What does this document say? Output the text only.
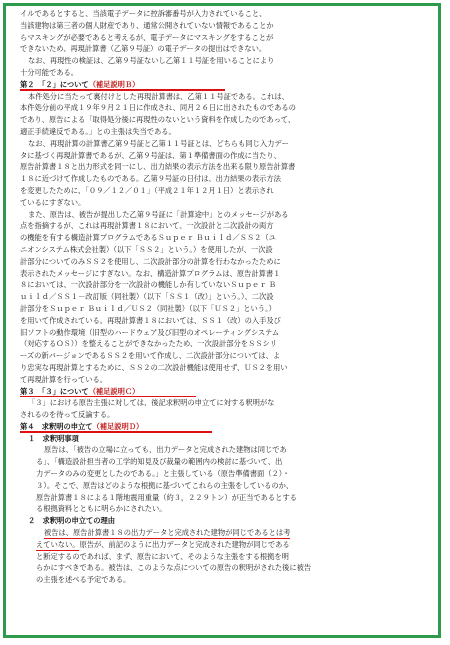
イルであるとすると、当該電子データに控訴審番号が入力されていること、
当該建物は第三者の個人財産であり、通常公開されていない情報であることか
らマスキングが必要であると考えるが、電子データにマスキングをすることが
できないため、再現計算書（乙第９号証）の電子データの提出はできない。
なお、再現性の検証は、乙第９号証ないし乙第１１号証を用いることにより
十分可能である。
第２　「２」について（補足説明Ｂ）
本件処分に当たって裏付けとした再現計算書は、乙第１１号証である。これは、
本件処分前の平成１９年９月２１日に作成され、同月２６日に出されたものであるの
であり、原告による「取得処分後に再現性のないという資料を作成したのであって、
適正手続違反である。」との主張は失当である。
なお、再現計算の計算書乙第９号証と乙第１１号証とは、どちらも同じ入力デー
タに基づく再現計算書であるが、乙第９号証は、第１準備書面の作成に当たり、
原告計算書１８と出力形式を同一にし、出力結果の表示方法を出来る限り原告計算書
１８に近づけて作成したものである。乙第９号証の日付は、出力結果の表示方法
を変更したために、「０９／１２／０１」（平成２１年１２月１日）と表示され
ているにすぎない。
また、原告は、被告が提出した乙第９号証に「計算途中」とのメッセージがある
点を指摘するが、これは再現計算書１８において、一次設計と二次設計の両方
の機能を有する構造計算プログラムであるＳｕｐｅｒ Ｂｕｉｌｄ／ＳＳ２（ユ
ニオンシステム株式会社製）（以下「ＳＳ２」という。）を使用したが、一次設
計部分についてのみＳＳ２を使用し、二次設計部分の計算を行わなかったために
表示されたメッセージにすぎない。なお、構造計算プログラムは、原告計算書１
８においては、一次設計部分を一次設計の機能しか有していないＳｕｐｅｒ Ｂ
ｕｉｌｄ／ＳＳ１－改訂版（同社製）（以下「ＳＳ１（改）」という。）、二次設
計部分をＳｕｐｅｒ Ｂｕｉｌｄ／ＵＳ２（同社製）（以下「ＵＳ２」という。）
を用いて作成されている。再現計算書１８においては、ＳＳ１（改）の入手及び
旧ソフトの動作環境（旧型のハードウェア及び旧型のオペレーティングシステム
（対応するＯＳ））を整えることができなかったため、一次設計部分をＳＳシリ
ーズの新バージョンであるＳＳ２を用いて作成し、二次設計部分については、よ
り忠実な再現計算とするために、ＳＳ２の二次設計機能は使用せず、ＵＳ２を用い
て再現計算を行っている。
第３　「３」について（補足説明Ｃ）
「３」における原告主張に対しては、後記求釈明の申立てに対する釈明がな
されるのを待って反論する。
第４　求釈明の申立て（補足説明Ｄ）
１　求釈明事項
原告は、「被告の立場に立っても、出力データと完成された建物は同じであ
る」、「構造設計担当者の工学的知見及び裁量の範囲内の検討に基づいて、出
力データのみの変更としたのである。」と主張している（原告準備書面（２）・
３）。そこで、原告はどのような根拠に基づいてこれらの主張をしているのか、
原告計算書１８による１階地震用重量（約３，２２９トン）が正当であるとする
る根拠資料とともに明らかにされたい。
２　求釈明の申立ての理由
被告は、原告計算書１８の出力データと完成された建物が同じであるとは考
えていない。原告が、前記のように出力データと完成された建物が同じである
と断定するのであれば、まず、原告において、そのような主張をする根拠を明
らかにすべきである。被告は、このような点についての原告の釈明がされた後に被告
の主張を述べる予定である。
